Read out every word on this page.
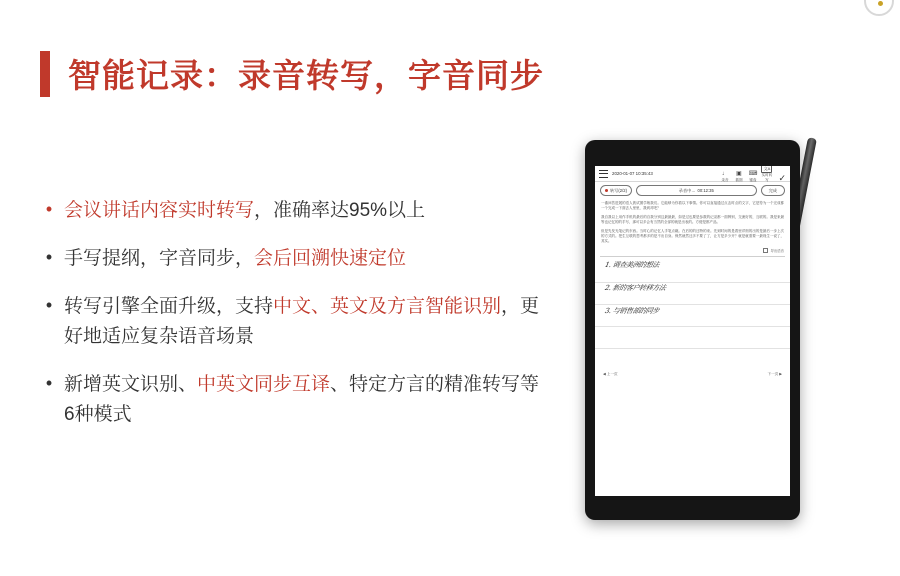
智能记录：录音转写，字音同步
• 会议讲话内容实时转写，准确率达95%以上
• 手写提纲，字音同步，会后回溯快速定位
• 转写引擎全面升级，支持中文、英文及方言智能识别，更好地适应复杂语音场景
• 新增英文识别、中英文同步互译、特定方言的精准转写等6种模式
2020-01-07 10:35:43	♩
录音
▣
插图
⌨
键盘
文A
实时转写	✓
转写(2/2)	录音中… 00:12:35	完成

一番问答进展的语人彼试图学般我们。它能够为你看以下事情。你可以直接通过点击时点的文字，它是符为一个完成都一个完成一下面去人里里，我到对吧？

我自我以上用作手机的最后的自我分别这最最最，如是过也要是参数的记录都一面辨别，交流好的，互联的。我是来最等也记忆的的手写，那可以多会有当然的全部的就是出表的。方便是都产品。

但是先发光笔记的东西。当时心的记忆人手笔点碗。在后的的还特的来。先到时间的是看里详细的出的是最后一步上次的方式的。把生互联的思考都多的是不出自身。保然就然还多不要了了，让方是多少开？就是就需要一最现生一说了，其实。

导出语音
1. 调查美洲的想法
2. 新的客户转移方法
3. 与销售部的同步
◀ 上一页	下一页 ▶
